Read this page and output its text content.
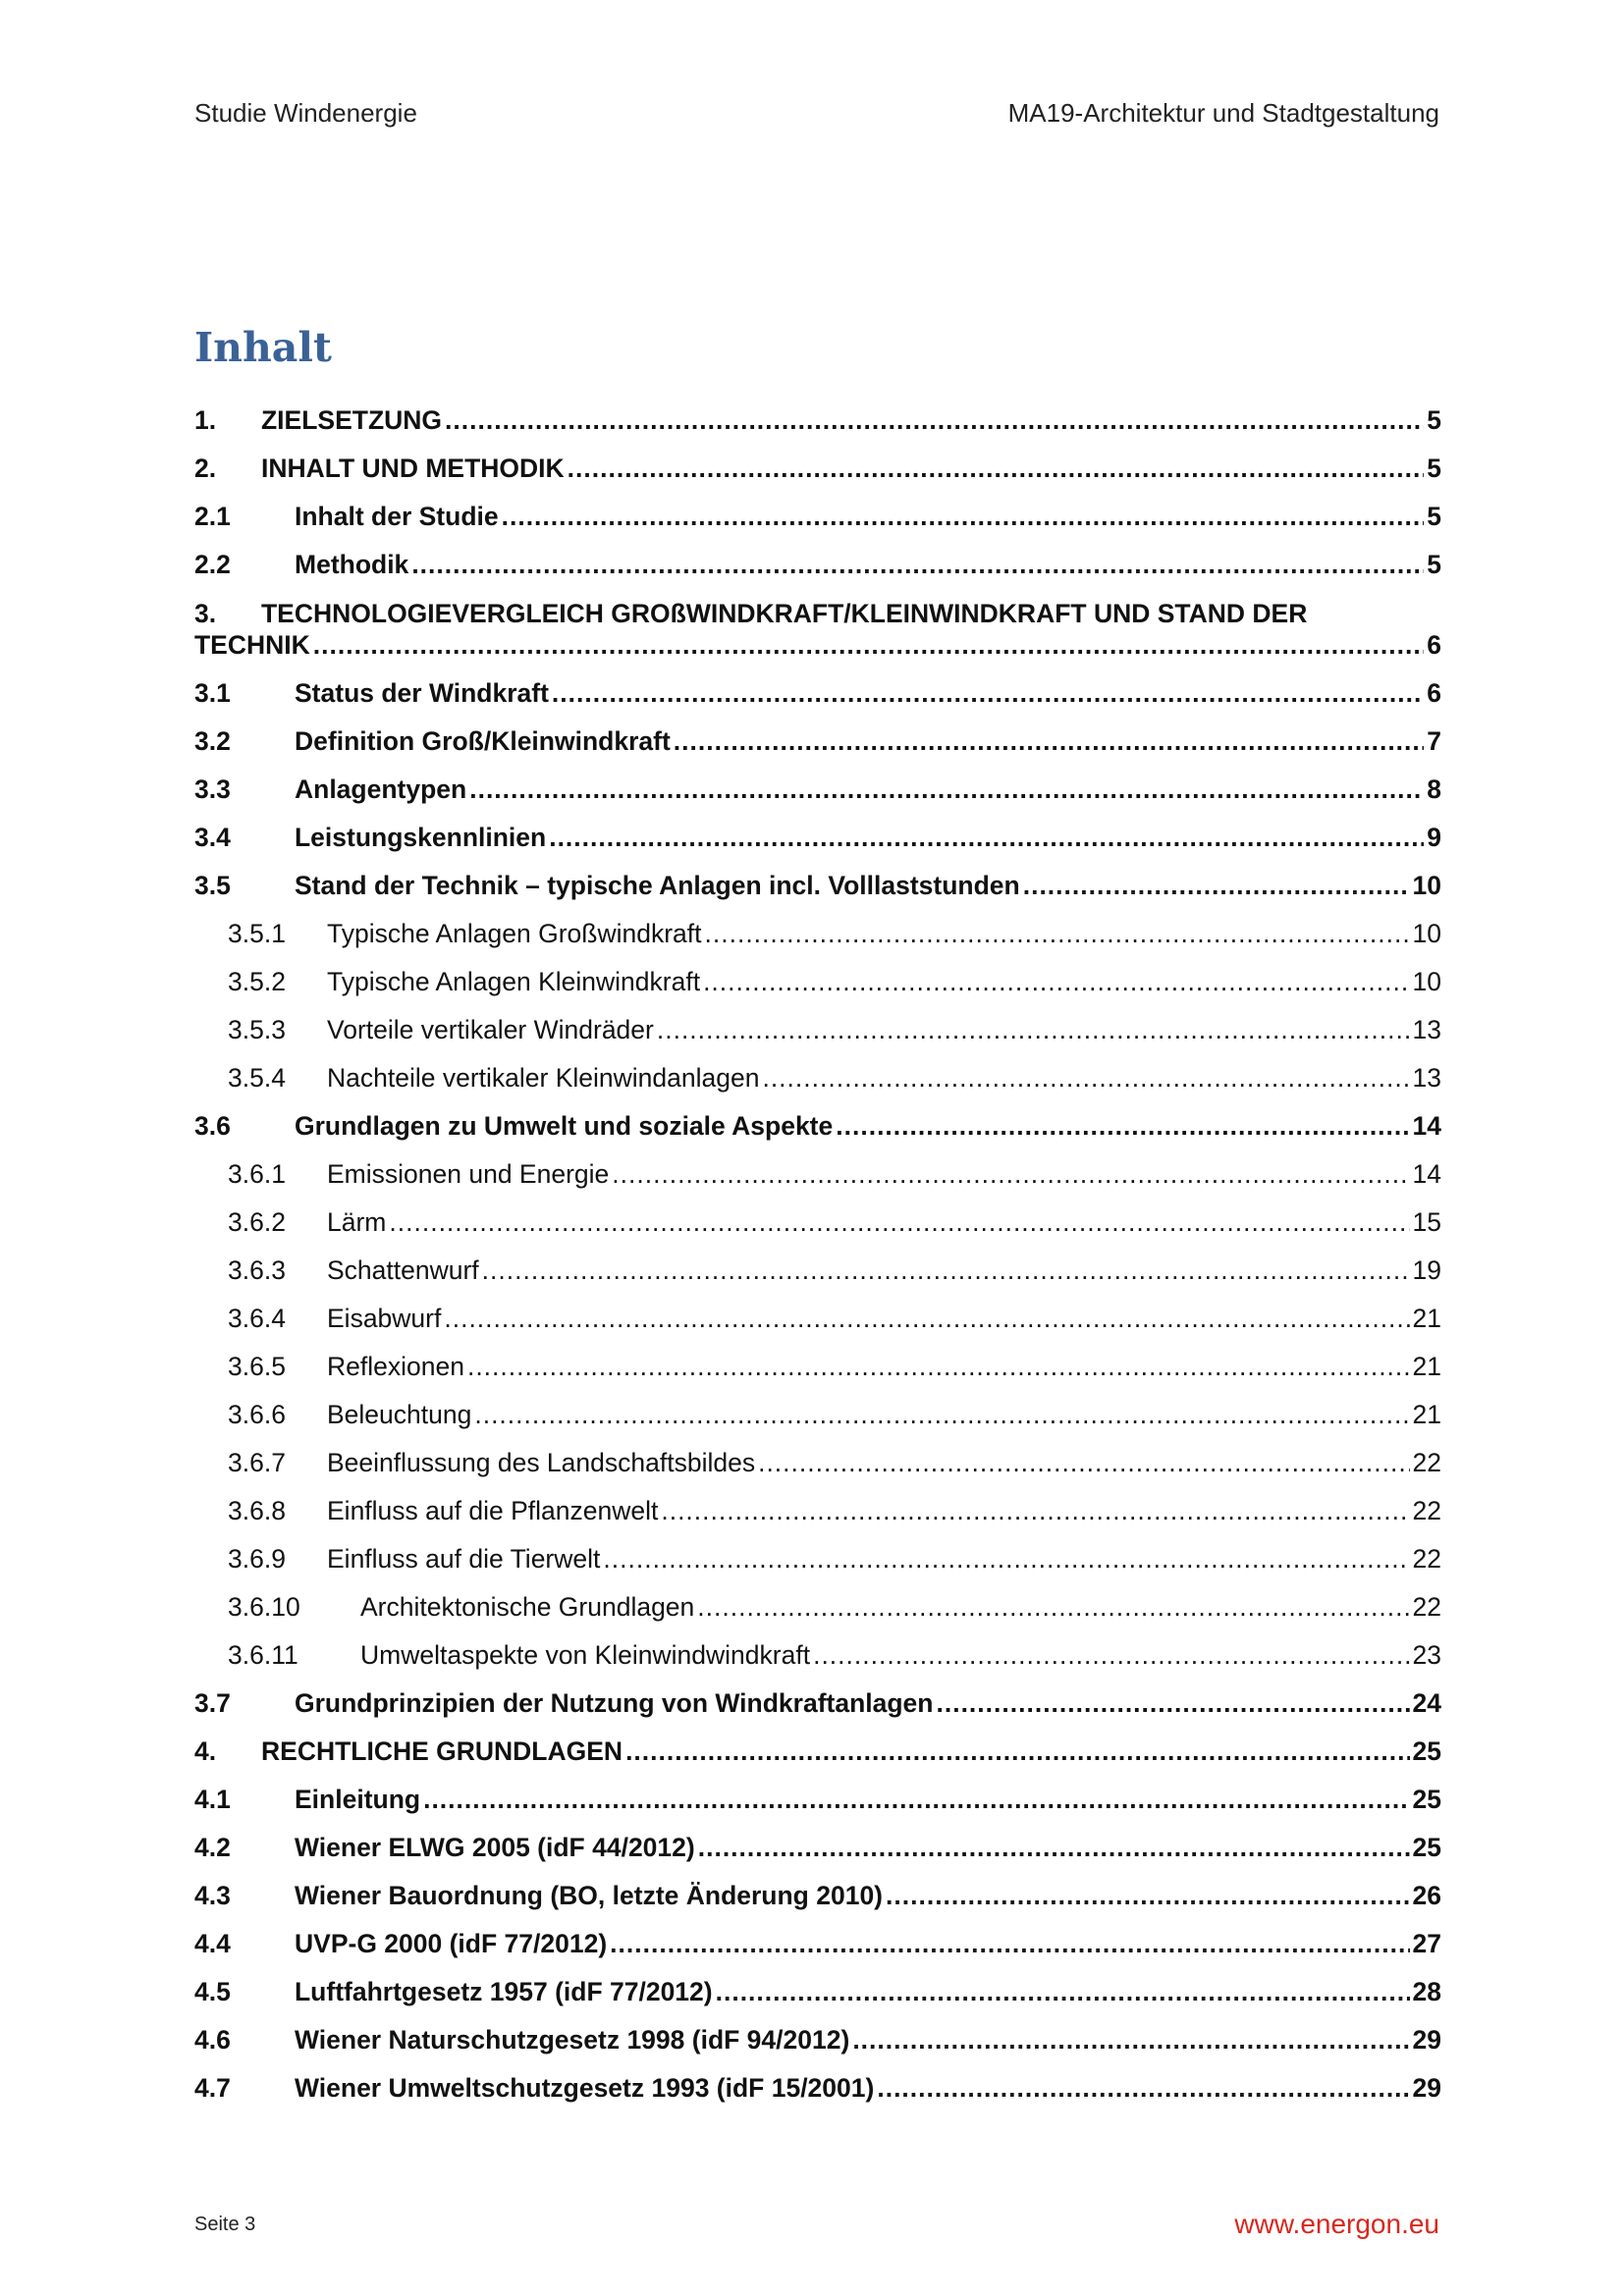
Studie Windenergie	MA19-Architektur und Stadtgestaltung
Inhalt
1.	ZIELSETZUNG .....	5
2.	INHALT UND METHODIK .....	5
2.1	Inhalt der Studie .....	5
2.2	Methodik .....	5
3. TECHNOLOGIEVERGLEICH GROßWINDKRAFT/KLEINWINDKRAFT UND STAND DER
TECHNIK .....	6
3.1	Status der Windkraft .....	6
3.2	Definition Groß/Kleinwindkraft .....	7
3.3	Anlagentypen .....	8
3.4	Leistungskennlinien .....	9
3.5	Stand der Technik – typische Anlagen incl. Volllaststunden .....	10
3.5.1	Typische Anlagen Großwindkraft .....	10
3.5.2	Typische Anlagen Kleinwindkraft .....	10
3.5.3	Vorteile vertikaler Windräder .....	13
3.5.4	Nachteile vertikaler Kleinwindanlagen .....	13
3.6	Grundlagen zu Umwelt und soziale Aspekte .....	14
3.6.1	Emissionen und Energie .....	14
3.6.2	Lärm .....	15
3.6.3	Schattenwurf .....	19
3.6.4	Eisabwurf .....	21
3.6.5	Reflexionen .....	21
3.6.6	Beleuchtung .....	21
3.6.7	Beeinflussung des Landschaftsbildes .....	22
3.6.8	Einfluss auf die Pflanzenwelt .....	22
3.6.9	Einfluss auf die Tierwelt .....	22
3.6.10	Architektonische Grundlagen .....	22
3.6.11	Umweltaspekte von Kleinwindwindkraft .....	23
3.7	Grundprinzipien der Nutzung von Windkraftanlagen .....	24
4.	RECHTLICHE GRUNDLAGEN .....	25
4.1	Einleitung .....	25
4.2	Wiener ELWG 2005 (idF 44/2012) .....	25
4.3	Wiener Bauordnung (BO, letzte Änderung 2010) .....	26
4.4	UVP-G 2000 (idF 77/2012) .....	27
4.5	Luftfahrtgesetz 1957 (idF 77/2012) .....	28
4.6	Wiener Naturschutzgesetz 1998 (idF 94/2012) .....	29
4.7	Wiener Umweltschutzgesetz 1993 (idF 15/2001) .....	29
Seite 3	www.energon.eu
